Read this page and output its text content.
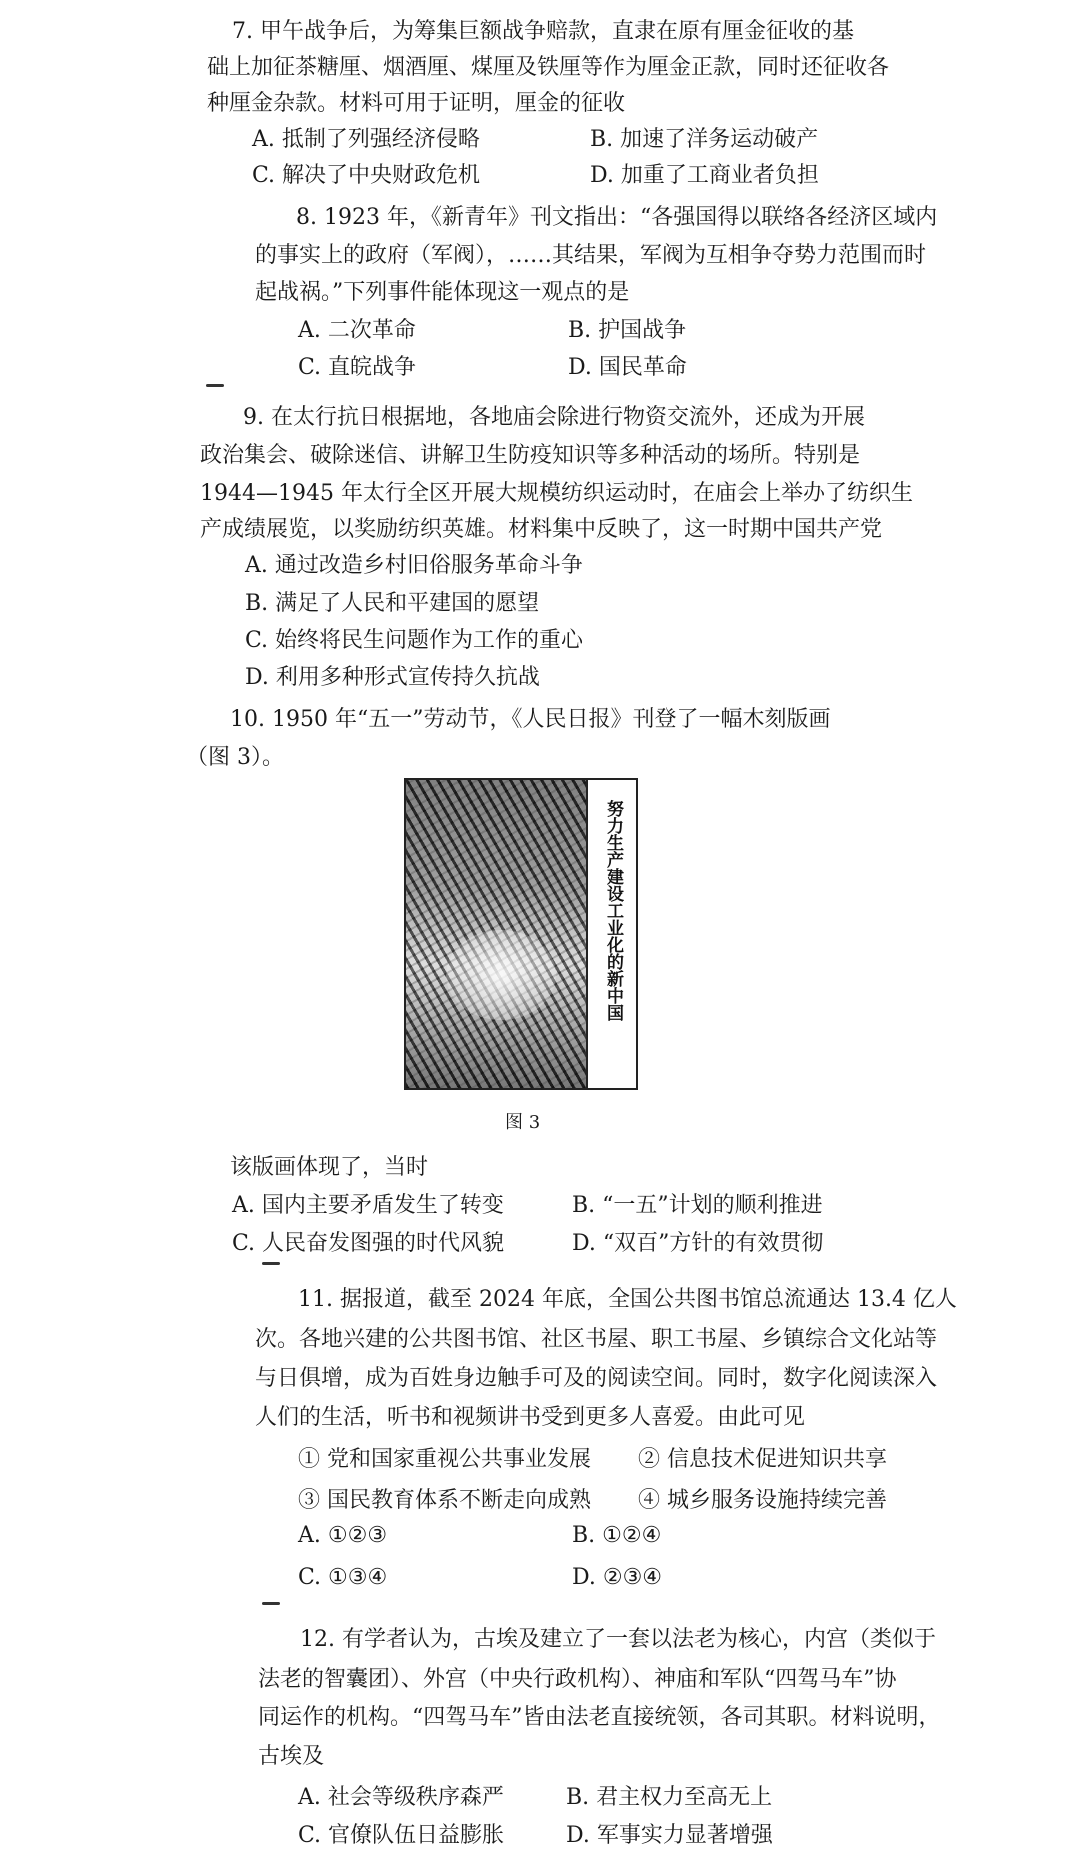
7. 甲午战争后，为筹集巨额战争赔款，直隶在原有厘金征收的基
础上加征茶糖厘、烟酒厘、煤厘及铁厘等作为厘金正款，同时还征收各
种厘金杂款。材料可用于证明，厘金的征收
A. 抵制了列强经济侵略	B. 加速了洋务运动破产
C. 解决了中央财政危机	D. 加重了工商业者负担
8. 1923 年，《新青年》刊文指出：“各强国得以联络各经济区域内
的事实上的政府（军阀），……其结果，军阀为互相争夺势力范围而时
起战祸。”下列事件能体现这一观点的是
A. 二次革命	B. 护国战争
C. 直皖战争	D. 国民革命
9. 在太行抗日根据地，各地庙会除进行物资交流外，还成为开展
政治集会、破除迷信、讲解卫生防疫知识等多种活动的场所。特别是
1944—1945 年太行全区开展大规模纺织运动时，在庙会上举办了纺织生
产成绩展览，以奖励纺织英雄。材料集中反映了，这一时期中国共产党
A. 通过改造乡村旧俗服务革命斗争
B. 满足了人民和平建国的愿望
C. 始终将民生问题作为工作的重心
D. 利用多种形式宣传持久抗战
10. 1950 年“五一”劳动节，《人民日报》刊登了一幅木刻版画
（图 3）。
努力生产建设工业化的新中国
图 3
该版画体现了，当时
A. 国内主要矛盾发生了转变	B. “一五”计划的顺利推进
C. 人民奋发图强的时代风貌	D. “双百”方针的有效贯彻
11. 据报道，截至 2024 年底，全国公共图书馆总流通达 13.4 亿人
次。各地兴建的公共图书馆、社区书屋、职工书屋、乡镇综合文化站等
与日俱增，成为百姓身边触手可及的阅读空间。同时，数字化阅读深入
人们的生活，听书和视频讲书受到更多人喜爱。由此可见
① 党和国家重视公共事业发展 ② 信息技术促进知识共享
③ 国民教育体系不断走向成熟 ④ 城乡服务设施持续完善
A. ①②③	B. ①②④
C. ①③④	D. ②③④
12. 有学者认为，古埃及建立了一套以法老为核心，内宫（类似于
法老的智囊团）、外宫（中央行政机构）、神庙和军队“四驾马车”协
同运作的机构。“四驾马车”皆由法老直接统领，各司其职。材料说明，
古埃及
A. 社会等级秩序森严	B. 君主权力至高无上
C. 官僚队伍日益膨胀	D. 军事实力显著增强
